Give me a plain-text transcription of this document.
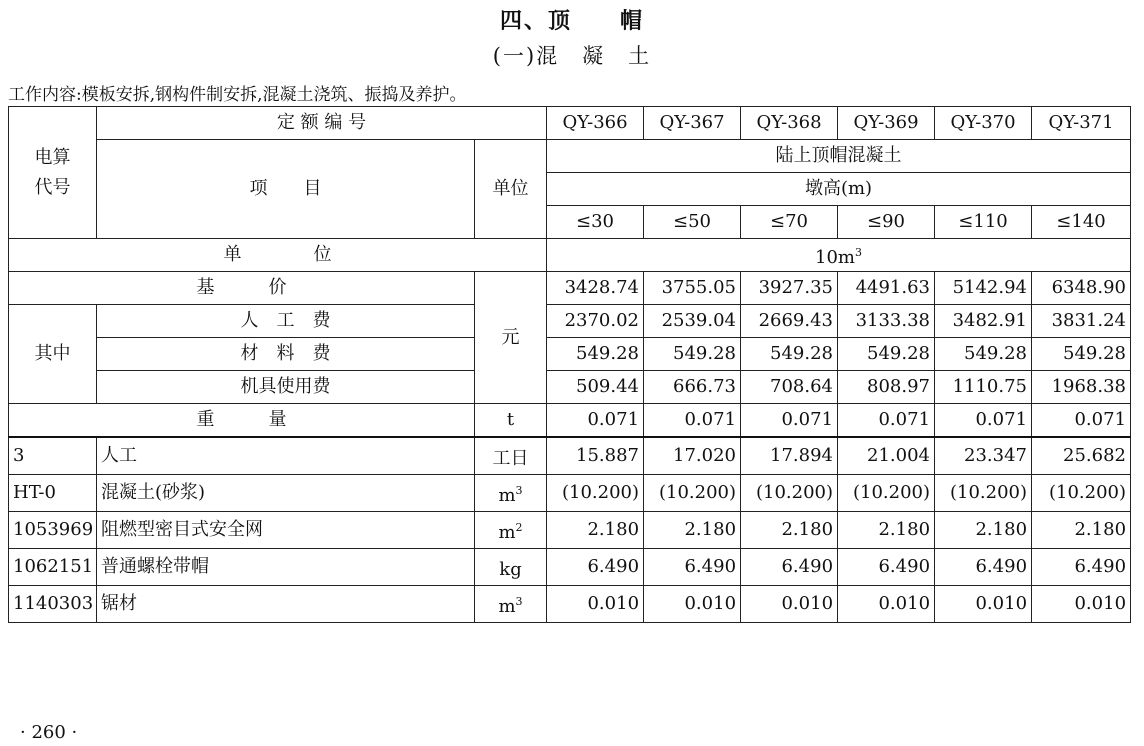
四、顶　　帽
(一)混　凝　土
工作内容:模板安拆,钢构件制安拆,混凝土浇筑、振捣及养护。
电算
代号	定 额 编 号		QY-366	QY-367	QY-368	QY-369	QY-370	QY-371
	项　　目	单位	陆上顶帽混凝土					
			墩高(m)					
			≤30	≤50	≤70	≤90	≤110	≤140
单　　　　位			$10m^3$
基　　　价		元	3428.74	3755.05	3927.35	4491.63	5142.94	6348.90
其中	人　工　费		2370.02	2539.04	2669.43	3133.38	3482.91	3831.24
	材　料　费		549.28	549.28	549.28	549.28	549.28	549.28
	机具使用费		509.44	666.73	708.64	808.97	1110.75	1968.38
重　　　量		t	0.071	0.071	0.071	0.071	0.071	0.071
3	人工	工日	15.887	17.020	17.894	21.004	23.347	25.682
HT-0	混凝土(砂浆)	$m^3$	(10.200)	(10.200)	(10.200)	(10.200)	(10.200)	(10.200)
1053969	阻燃型密目式安全网	$m^2$	2.180	2.180	2.180	2.180	2.180	2.180
1062151	普通螺栓带帽	kg	6.490	6.490	6.490	6.490	6.490	6.490
1140303	锯材	$m^3$	0.010	0.010	0.010	0.010	0.010	0.010
· 260 ·
